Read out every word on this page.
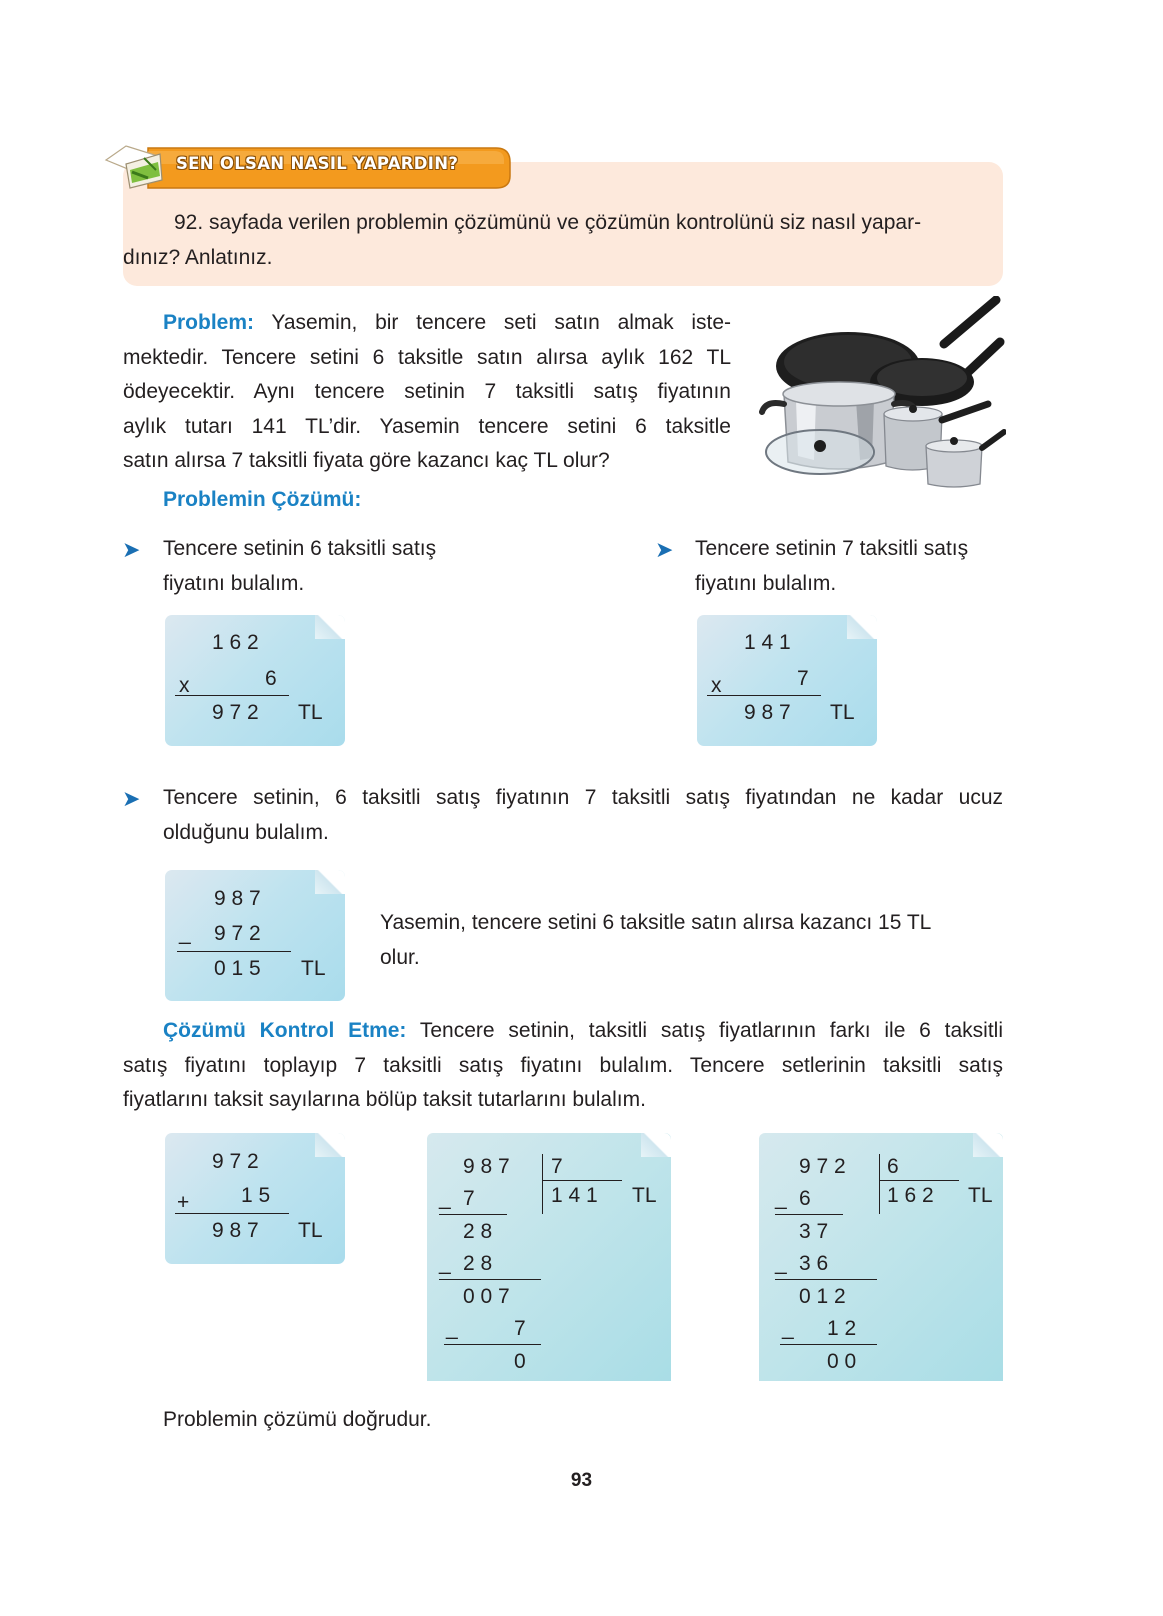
SEN OLSAN NASIL YAPARDIN?

92. sayfada verilen problemin çözümünü ve çözümün kontrolünü siz nasıl yapar-

dınız? Anlatınız.

Problem: Yasemin, bir tencere seti satın almak iste-

mektedir. Tencere setini 6 taksitle satın alırsa aylık 162 TL

ödeyecektir. Aynı tencere setinin 7 taksitli satış fiyatının

aylık tutarı 141 TL’dir. Yasemin tencere setini 6 taksitle

satın alırsa 7 taksitli fiyata göre kazancı kaç TL olur?

Problemin Çözümü:
➤ Tencere setinin 6 taksitli satış

fiyatını bulalım.

➤ Tencere setinin 7 taksitli satış

fiyatını bulalım.

1 6 2
x	6
9 7 2 TL
1 4 1
x	7
9 8 7 TL
➤ Tencere setinin, 6 taksitli satış fiyatının 7 taksitli satış fiyatından ne kadar ucuz

olduğunu bulalım.

9 8 7
_ 9 7 2
0 1 5 TL

Yasemin, tencere setini 6 taksitle satın alırsa kazancı 15 TL

olur.

Çözümü Kontrol Etme: Tencere setinin, taksitli satış fiyatlarının farkı ile 6 taksitli

satış fiyatını toplayıp 7 taksitli satış fiyatını bulalım. Tencere setlerinin taksitli satış

fiyatlarını taksit sayılarına bölüp taksit tutarlarını bulalım.

9 7 2
+ 1 5
9 8 7 TL
9 8 7 7
1 4 1 TL
_ 7
2 8
_ 2 8
0 0 7
_	7
0
9 7 2 6
1 6 2 TL
_ 6
3 7
_ 3 6
0 1 2
_ 1 2
0 0
Problemin çözümü doğrudur.
93
